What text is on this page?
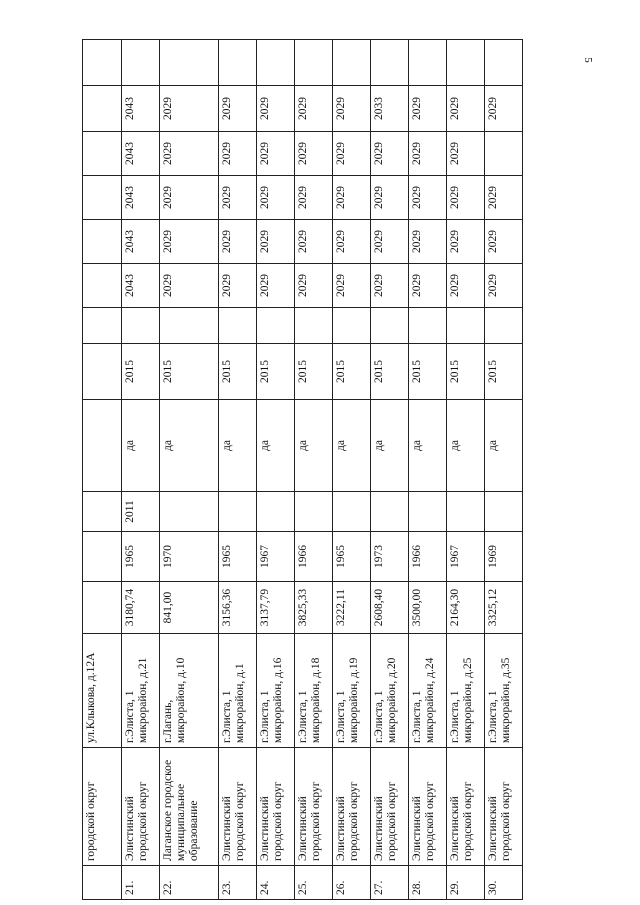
5
	городской округ	ул.Клыкова, д.12А												
21.	Элистинский городской округ	г.Элиста, 1 микрорайон, д.21	3180,74	1965	2011	да	2015		2043	2043	2043	2043	2043	
22.	Лаганское городское муниципальное образование	г.Лагань, микрорайон, д.10	841,00	1970		да	2015		2029	2029	2029	2029	2029	
23.	Элистинский городской округ	г.Элиста, 1 микрорайон, д.1	3156,36	1965		да	2015		2029	2029	2029	2029	2029	
24.	Элистинский городской округ	г.Элиста, 1 микрорайон, д.16	3137,79	1967		да	2015		2029	2029	2029	2029	2029	
25.	Элистинский городской округ	г.Элиста, 1 микрорайон, д.18	3825,33	1966		да	2015		2029	2029	2029	2029	2029	
26.	Элистинский городской округ	г.Элиста, 1 микрорайон, д.19	3222,11	1965		да	2015		2029	2029	2029	2029	2029	
27.	Элистинский городской округ	г.Элиста, 1 микрорайон, д.20	2608,40	1973		да	2015		2029	2029	2029	2029	2033	
28.	Элистинский городской округ	г.Элиста, 1 микрорайон, д.24	3500,00	1966		да	2015		2029	2029	2029	2029	2029	
29.	Элистинский городской округ	г.Элиста, 1 микрорайон, д.25	2164,30	1967		да	2015		2029	2029	2029	2029	2029	
30.	Элистинский городской округ	г.Элиста, 1 микрорайон, д.35	3325,12	1969		да	2015		2029	2029	2029		2029	
